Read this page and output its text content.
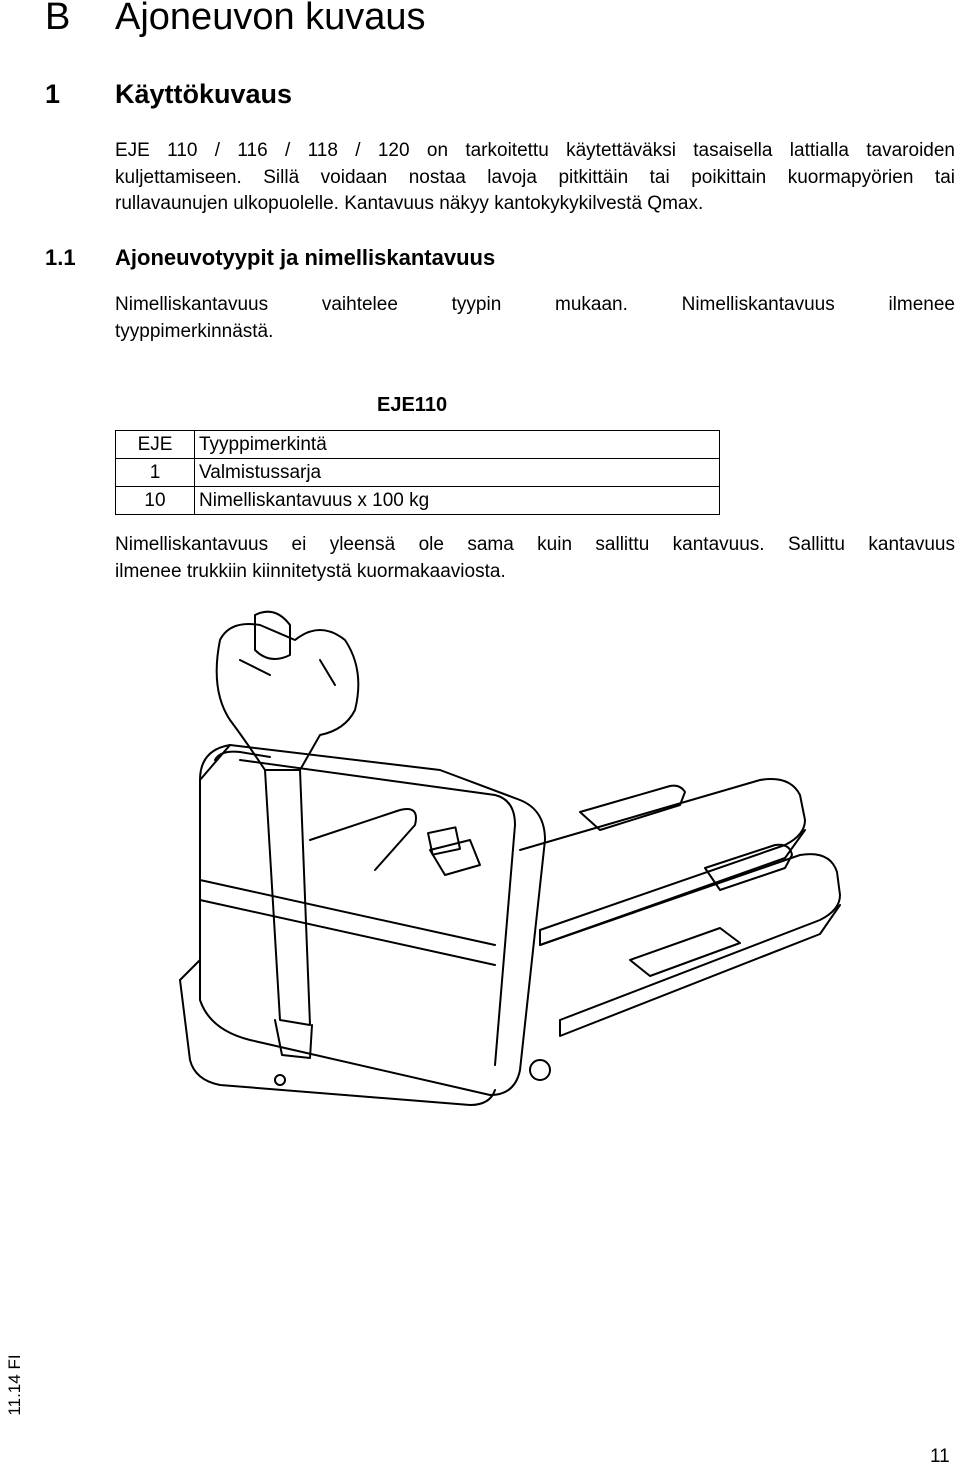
B Ajoneuvon kuvaus
1 Käyttökuvaus
EJE 110 / 116 / 118 / 120 on tarkoitettu käytettäväksi tasaisella lattialla tavaroiden
kuljettamiseen. Sillä voidaan nostaa lavoja pitkittäin tai poikittain kuormapyörien tai
rullavaunujen ulkopuolelle. Kantavuus näkyy kantokykykilvestä Qmax.
1.1 Ajoneuvotyypit ja nimelliskantavuus
Nimelliskantavuus vaihtelee tyypin mukaan. Nimelliskantavuus ilmenee
tyyppimerkinnästä.
EJE110
EJE	Tyyppimerkintä
1	Valmistussarja
10	Nimelliskantavuus x 100 kg
Nimelliskantavuus ei yleensä ole sama kuin sallittu kantavuus. Sallittu kantavuus
ilmenee trukkiin kiinnitetystä kuormakaaviosta.
11.14 FI
11
